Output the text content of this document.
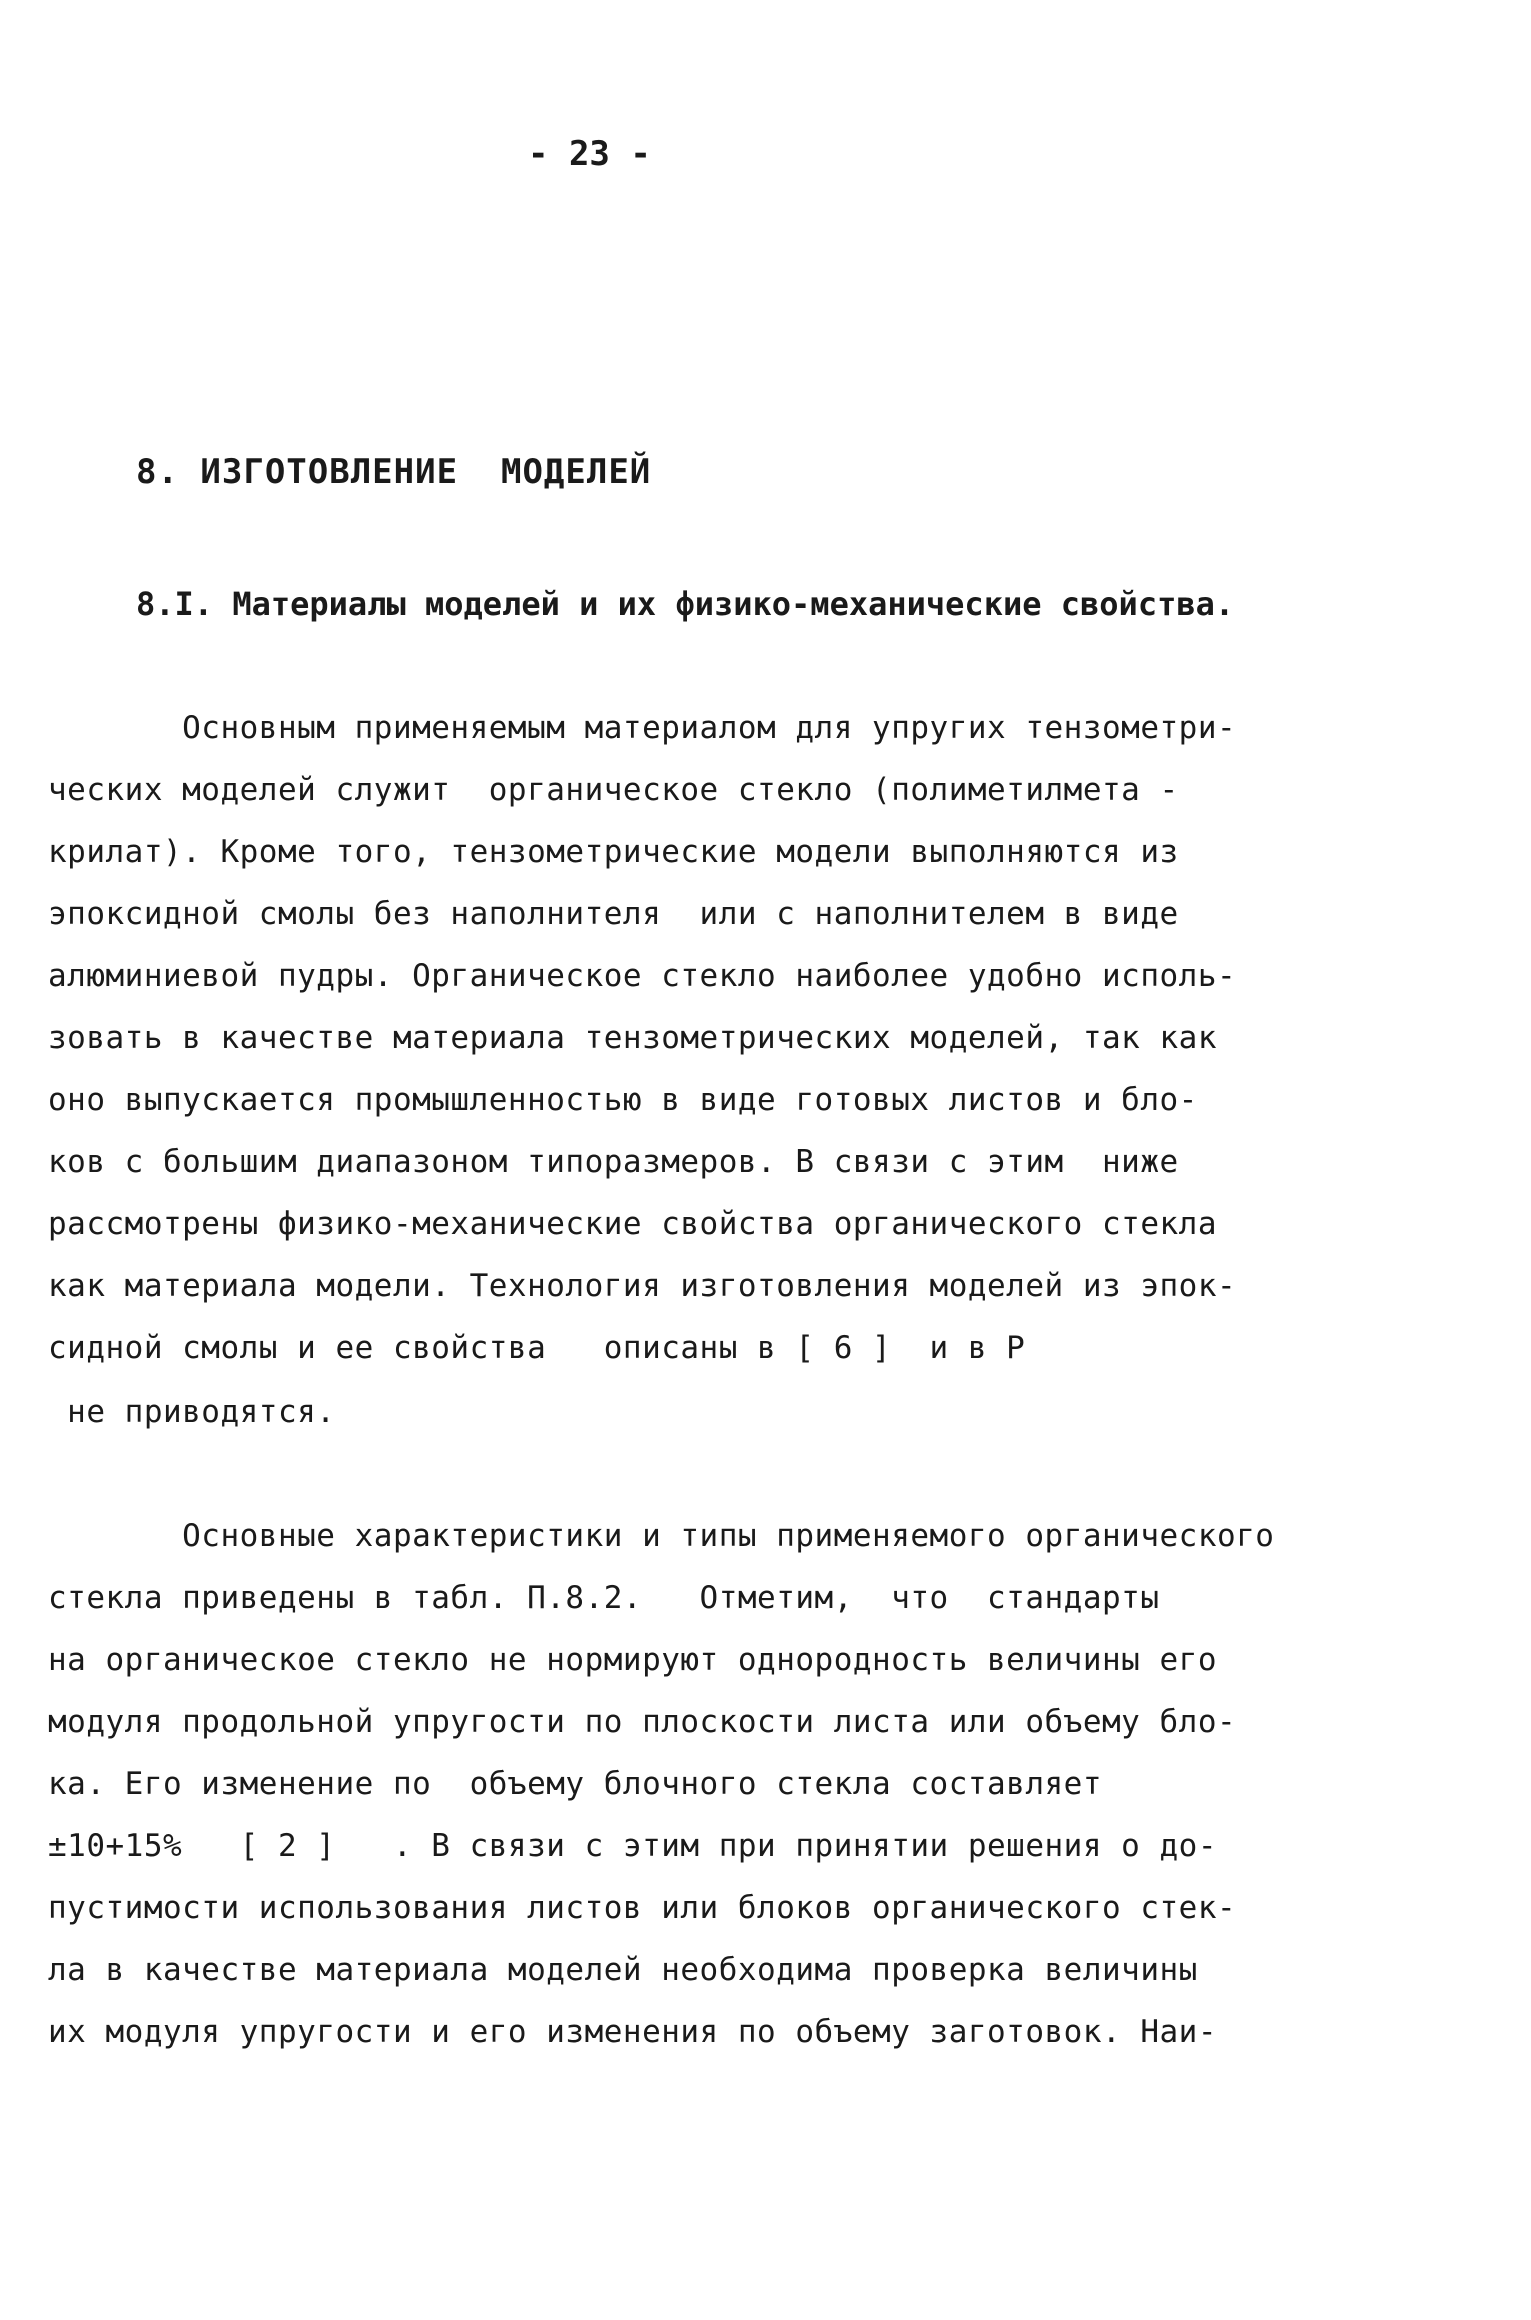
- 23 -
8. ИЗГОТОВЛЕНИЕ  МОДЕЛЕЙ
8.I. Материалы моделей и их физико-механические свойства.
Основным применяемым материалом для упругих тензометри-
ческих моделей служит  органическое стекло (полиметилмета -
крилат). Кроме того, тензометрические модели выполняются из
эпоксидной смолы без наполнителя  или с наполнителем в виде
алюминиевой пудры. Органическое стекло наиболее удобно исполь-
зовать в качестве материала тензометрических моделей, так как
оно выпускается промышленностью в виде готовых листов и бло-
ков с большим диапазоном типоразмеров. В связи с этим  ниже
рассмотрены физико-механические свойства органического стекла
как материала модели. Технология изготовления моделей из эпок-
сидной смолы и ее свойства   описаны в [ 6 ]  и в Р
не приводятся.
Основные характеристики и типы применяемого органического
стекла приведены в табл. П.8.2.   Отметим,  что  стандарты
на органическое стекло не нормируют однородность величины его
модуля продольной упругости по плоскости листа или объему бло-
ка. Его изменение по  объему блочного стекла составляет
±10+15%   [ 2 ]   . В связи с этим при принятии решения о до-
пустимости использования листов или блоков органического стек-
ла в качестве материала моделей необходима проверка величины
их модуля упругости и его изменения по объему заготовок. Наи-
